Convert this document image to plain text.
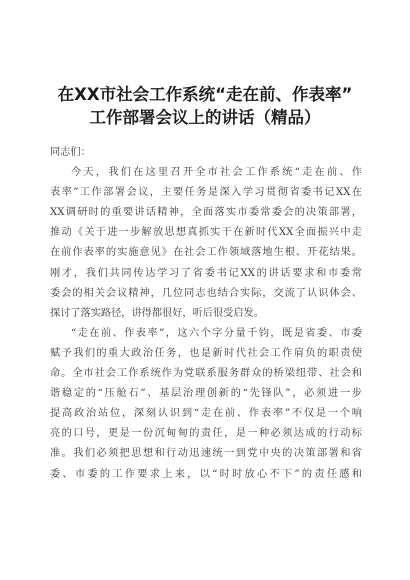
在XX市社会工作系统“走在前、作表率”
工作部署会议上的讲话（精品）
同志们：
今天，我们在这里召开全市社会工作系统“走在前、作
表率”工作部署会议，主要任务是深入学习贯彻省委书记XX在
XX调研时的重要讲话精神，全面落实市委常委会的决策部署，
推动《关于进一步解放思想真抓实干在新时代XX全面振兴中走
在前作表率的实施意见》在社会工作领域落地生根、开花结果。
刚才，我们共同传达学习了省委书记XX的讲话要求和市委常
委会的相关会议精神，几位同志也结合实际，交流了认识体会、
探讨了落实路径，讲得都很好，听后很受启发。
“走在前、作表率”，这六个字分量千钧，既是省委、市委
赋予我们的重大政治任务，也是新时代社会工作肩负的职责使
命。全市社会工作系统作为党联系服务群众的桥梁纽带、社会和
谐稳定的“压舱石”、基层治理创新的“先锋队”，必须进一步
提高政治站位，深刻认识到“走在前、作表率”不仅是一个响
亮的口号，更是一份沉甸甸的责任，是一种必须达成的行动标
准。我们必须把思想和行动迅速统一到党中央的决策部署和省
委、市委的工作要求上来，以“时时放心不下”的责任感和
